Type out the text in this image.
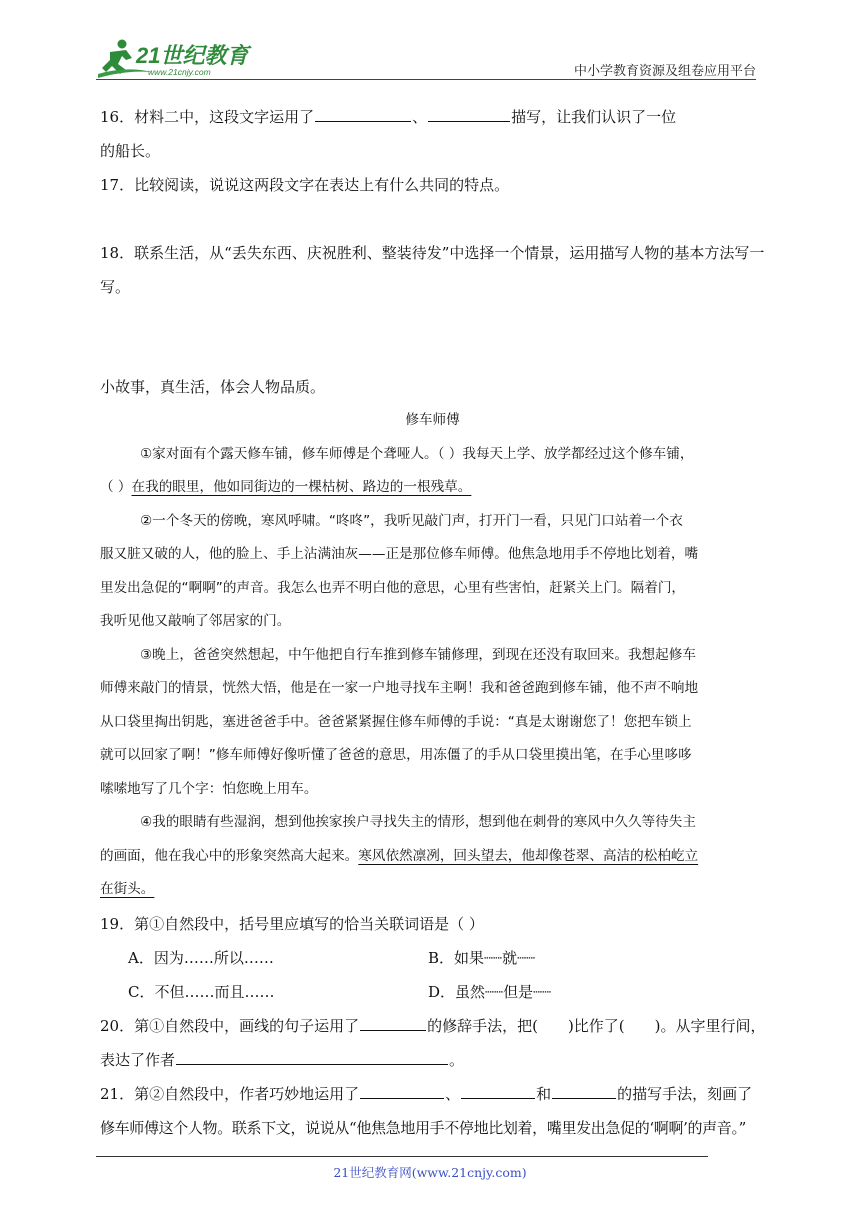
21世纪教育
www.21cnjy.com	中小学教育资源及组卷应用平台

16．材料二中，这段文字运用了	、	描写，让我们认识了一位

的船长。

17．比较阅读，说说这两段文字在表达上有什么共同的特点。

18．联系生活，从“丢失东西、庆祝胜利、整装待发”中选择一个情景，运用描写人物的基本方法写一

写。

小故事，真生活，体会人物品质。

修车师傅

①家对面有个露天修车铺，修车师傅是个聋哑人。（ ）我每天上学、放学都经过这个修车铺，

（ ）在我的眼里，他如同街边的一棵枯树、路边的一根残草。

②一个冬天的傍晚，寒风呼啸。“咚咚”，我听见敲门声，打开门一看，只见门口站着一个衣

服又脏又破的人，他的脸上、手上沾满油灰——正是那位修车师傅。他焦急地用手不停地比划着，嘴

里发出急促的“啊啊”的声音。我怎么也弄不明白他的意思，心里有些害怕，赶紧关上门。隔着门，

我听见他又敲响了邻居家的门。

③晚上，爸爸突然想起，中午他把自行车推到修车铺修理，到现在还没有取回来。我想起修车

师傅来敲门的情景，恍然大悟，他是在一家一户地寻找车主啊！我和爸爸跑到修车铺，他不声不响地

从口袋里掏出钥匙，塞进爸爸手中。爸爸紧紧握住修车师傅的手说：“真是太谢谢您了！您把车锁上

就可以回家了啊！”修车师傅好像听懂了爸爸的意思，用冻僵了的手从口袋里摸出笔，在手心里哆哆

嗦嗦地写了几个字：怕您晚上用车。

④我的眼睛有些湿润，想到他挨家挨户寻找失主的情形，想到他在刺骨的寒风中久久等待失主

的画面，他在我心中的形象突然高大起来。寒风依然凛冽，回头望去，他却像苍翠、高洁的松柏屹立

在街头。

19．第①自然段中，括号里应填写的恰当关联词语是（ ）

A．因为……所以……	B．如果┈┈就┈┈
C．不但……而且……	D．虽然┈┈但是┈┈

20．第①自然段中，画线的句子运用了	的修辞手法，把( )比作了( )。从字里行间，

表达了作者	。

21．第②自然段中，作者巧妙地运用了	、	和	的描写手法，刻画了

修车师傅这个人物。联系下文，说说从“他焦急地用手不停地比划着，嘴里发出急促的‘啊啊’的声音。”

21世纪教育网(www.21cnjy.com)
